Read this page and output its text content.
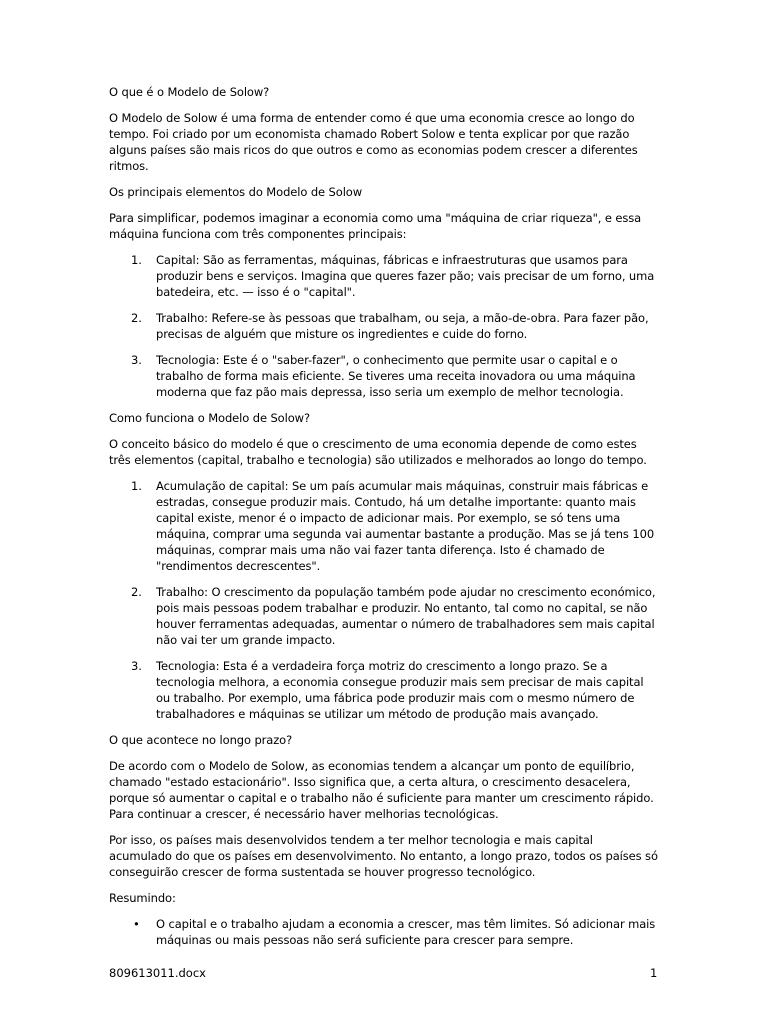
O que é o Modelo de Solow?

O Modelo de Solow é uma forma de entender como é que uma economia cresce ao longo do tempo. Foi criado por um economista chamado Robert Solow e tenta explicar por que razão alguns países são mais ricos do que outros e como as economias podem crescer a diferentes ritmos.

Os principais elementos do Modelo de Solow

Para simplificar, podemos imaginar a economia como uma "máquina de criar riqueza", e essa máquina funciona com três componentes principais:

1. Capital: São as ferramentas, máquinas, fábricas e infraestruturas que usamos para produzir bens e serviços. Imagina que queres fazer pão; vais precisar de um forno, uma batedeira, etc. — isso é o "capital".
2. Trabalho: Refere-se às pessoas que trabalham, ou seja, a mão-de-obra. Para fazer pão, precisas de alguém que misture os ingredientes e cuide do forno.
3. Tecnologia: Este é o "saber-fazer", o conhecimento que permite usar o capital e o trabalho de forma mais eficiente. Se tiveres uma receita inovadora ou uma máquina moderna que faz pão mais depressa, isso seria um exemplo de melhor tecnologia.

Como funciona o Modelo de Solow?

O conceito básico do modelo é que o crescimento de uma economia depende de como estes três elementos (capital, trabalho e tecnologia) são utilizados e melhorados ao longo do tempo.

1. Acumulação de capital: Se um país acumular mais máquinas, construir mais fábricas e estradas, consegue produzir mais. Contudo, há um detalhe importante: quanto mais capital existe, menor é o impacto de adicionar mais. Por exemplo, se só tens uma máquina, comprar uma segunda vai aumentar bastante a produção. Mas se já tens 100 máquinas, comprar mais uma não vai fazer tanta diferença. Isto é chamado de "rendimentos decrescentes".
2. Trabalho: O crescimento da população também pode ajudar no crescimento económico, pois mais pessoas podem trabalhar e produzir. No entanto, tal como no capital, se não houver ferramentas adequadas, aumentar o número de trabalhadores sem mais capital não vai ter um grande impacto.
3. Tecnologia: Esta é a verdadeira força motriz do crescimento a longo prazo. Se a tecnologia melhora, a economia consegue produzir mais sem precisar de mais capital ou trabalho. Por exemplo, uma fábrica pode produzir mais com o mesmo número de trabalhadores e máquinas se utilizar um método de produção mais avançado.

O que acontece no longo prazo?

De acordo com o Modelo de Solow, as economias tendem a alcançar um ponto de equilíbrio, chamado "estado estacionário". Isso significa que, a certa altura, o crescimento desacelera, porque só aumentar o capital e o trabalho não é suficiente para manter um crescimento rápido. Para continuar a crescer, é necessário haver melhorias tecnológicas.

Por isso, os países mais desenvolvidos tendem a ter melhor tecnologia e mais capital acumulado do que os países em desenvolvimento. No entanto, a longo prazo, todos os países só conseguirão crescer de forma sustentada se houver progresso tecnológico.

Resumindo:

• O capital e o trabalho ajudam a economia a crescer, mas têm limites. Só adicionar mais máquinas ou mais pessoas não será suficiente para crescer para sempre.
809613011.docx	1
